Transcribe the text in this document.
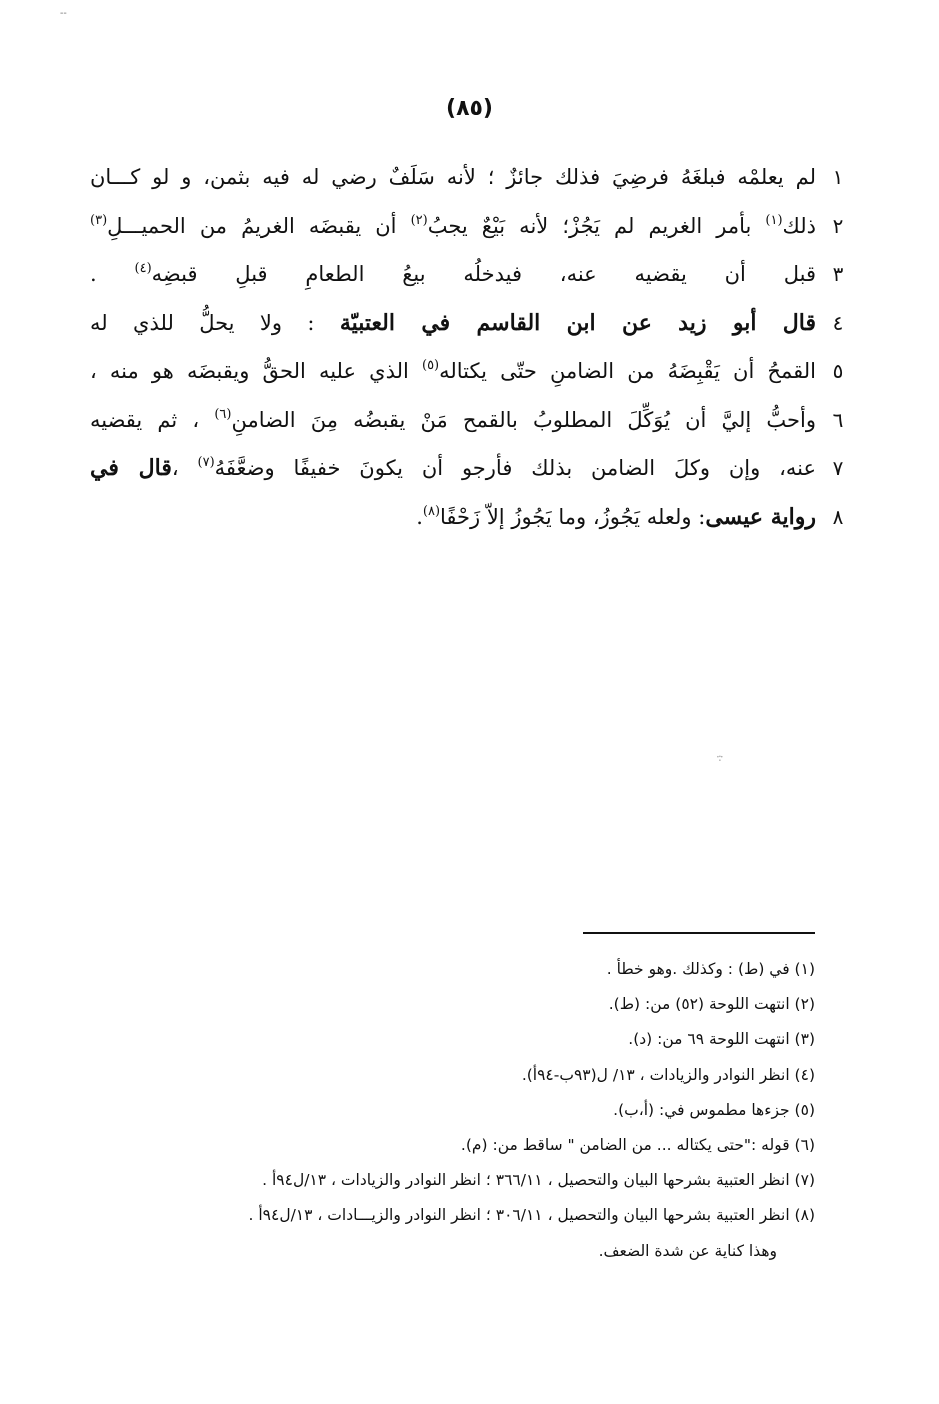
--
(٨٥)
١
لم يعلمْه فبلغَهُ فرضِيَ فذلك جائزٌ ؛ لأنه سَلَفٌ رضي له فيه بثمن، و لو كـــان
٢
ذلك$^{(١)}$ بأمر الغريم لم يَجُزْ؛ لأنه بَيْعٌ يجبُ$^{(٢)}$ أن يقبضَه الغريمُ من الحميـــلِ$^{(٣)}$
٣
قبل أن يقضيه عنه، فيدخلُه بيعُ الطعامِ قبلِ قبضِه$^{(٤)}$ .
٤
قال أبو زيد عن ابن القاسم في العتبيّة : ولا يحلُّ للذي له
٥
القمحُ أن يَقْبِضَهُ من الضامنِ حتّى يكتاله$^{(٥)}$ الذي عليه الحقُّ ويقبضَه هو منه ،
٦
وأحبُّ إليَّ أن يُوَكِّلَ المطلوبُ بالقمح مَنْ يقبضُه مِنَ الضامنِ$^{(٦)}$ ، ثم يقضيه
٧
عنه، وإن وكلَ الضامن بذلك فأرجو أن يكونَ خفيفًا وضعَّفَهُ$^{(٧)}$ ،قال في
٨
رواية عيسى: ولعله يَجُوزُ، وما يَجُوزُ إلاّ زَحْفًا$^{(٨)}$.
·:·
(١) في (ط) : وكذلك .وهو خطأ .
(٢) انتهت اللوحة (٥٢) من: (ط).
(٣) انتهت اللوحة ٦٩ من: (د).
(٤) انظر النوادر والزيادات ، ١٣/ ل(٩٣ب-٩٤أ).
(٥) جزءها مطموس في: (أ،ب).
(٦) قوله :"حتى يكتاله ... من الضامن " ساقط من: (م).
(٧) انظر العتبية بشرحها البيان والتحصيل ، ٣٦٦/١١ ؛ انظر النوادر والزيادات ، ١٣/ل٩٤أ .
(٨) انظر العتبية بشرحها البيان والتحصيل ، ٣٠٦/١١ ؛ انظر النوادر والزيـــادات ، ١٣/ل٩٤أ .
وهذا كناية عن شدة الضعف.
